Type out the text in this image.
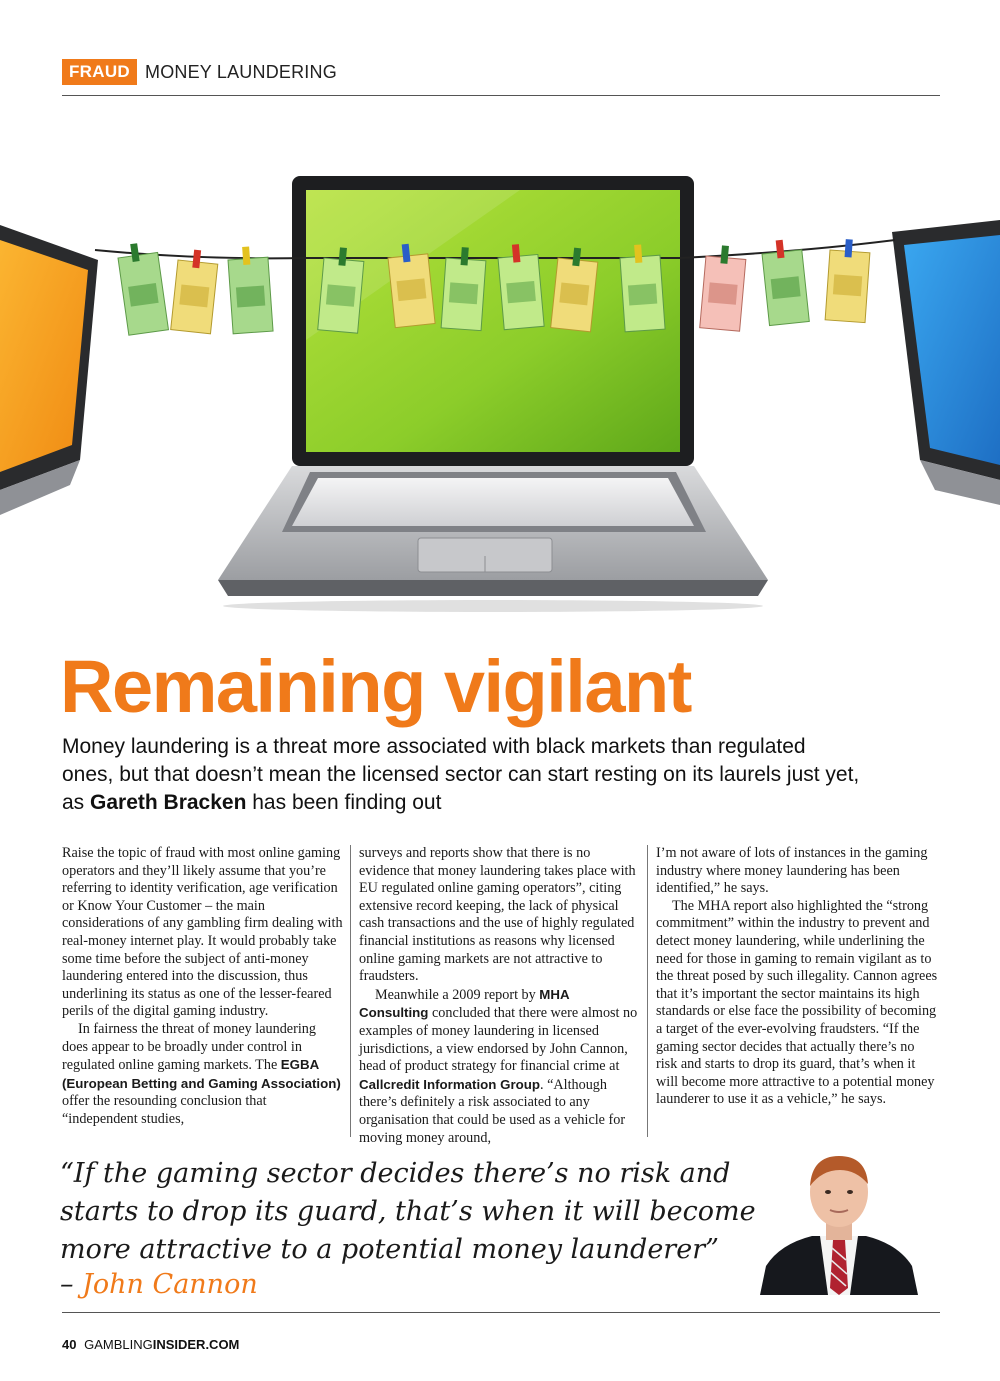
FRAUD MONEY LAUNDERING
Remaining vigilant

Money laundering is a threat more associated with black markets than regulated ones, but that doesn’t mean the licensed sector can start resting on its laurels just yet, as Gareth Bracken has been finding out

Raise the topic of fraud with most online gaming operators and they’ll likely assume that you’re referring to identity verification, age verification or Know Your Customer – the main considerations of any gambling firm dealing with real-money internet play. It would probably take some time before the subject of anti-money laundering entered into the discussion, thus underlining its status as one of the lesser-feared perils of the digital gaming industry.

In fairness the threat of money laundering does appear to be broadly under control in regulated online gaming markets. The EGBA (European Betting and Gaming Association) offer the resounding conclusion that “independent studies,

surveys and reports show that there is no evidence that money laundering takes place with EU regulated online gaming operators”, citing extensive record keeping, the lack of physical cash transactions and the use of highly regulated financial institutions as reasons why licensed online gaming markets are not attractive to fraudsters.

Meanwhile a 2009 report by MHA Consulting concluded that there were almost no examples of money laundering in licensed jurisdictions, a view endorsed by John Cannon, head of product strategy for financial crime at Callcredit Information Group. “Although there’s definitely a risk associated to any organisation that could be used as a vehicle for moving money around,

I’m not aware of lots of instances in the gaming industry where money laundering has been identified,” he says.

The MHA report also highlighted the “strong commitment” within the industry to prevent and detect money laundering, while underlining the need for those in gaming to remain vigilant as to the threat posed by such illegality. Cannon agrees that it’s important the sector maintains its high standards or else face the possibility of becoming a target of the ever-evolving fraudsters. “If the gaming sector decides that actually there’s no risk and starts to drop its guard, that’s when it will become more attractive to a potential money launderer to use it as a vehicle,” he says.

“If the gaming sector decides there’s no risk and starts to drop its guard, that’s when it will become more attractive to a potential money launderer”

– John Cannon

40 GAMBLINGINSIDER.COM
